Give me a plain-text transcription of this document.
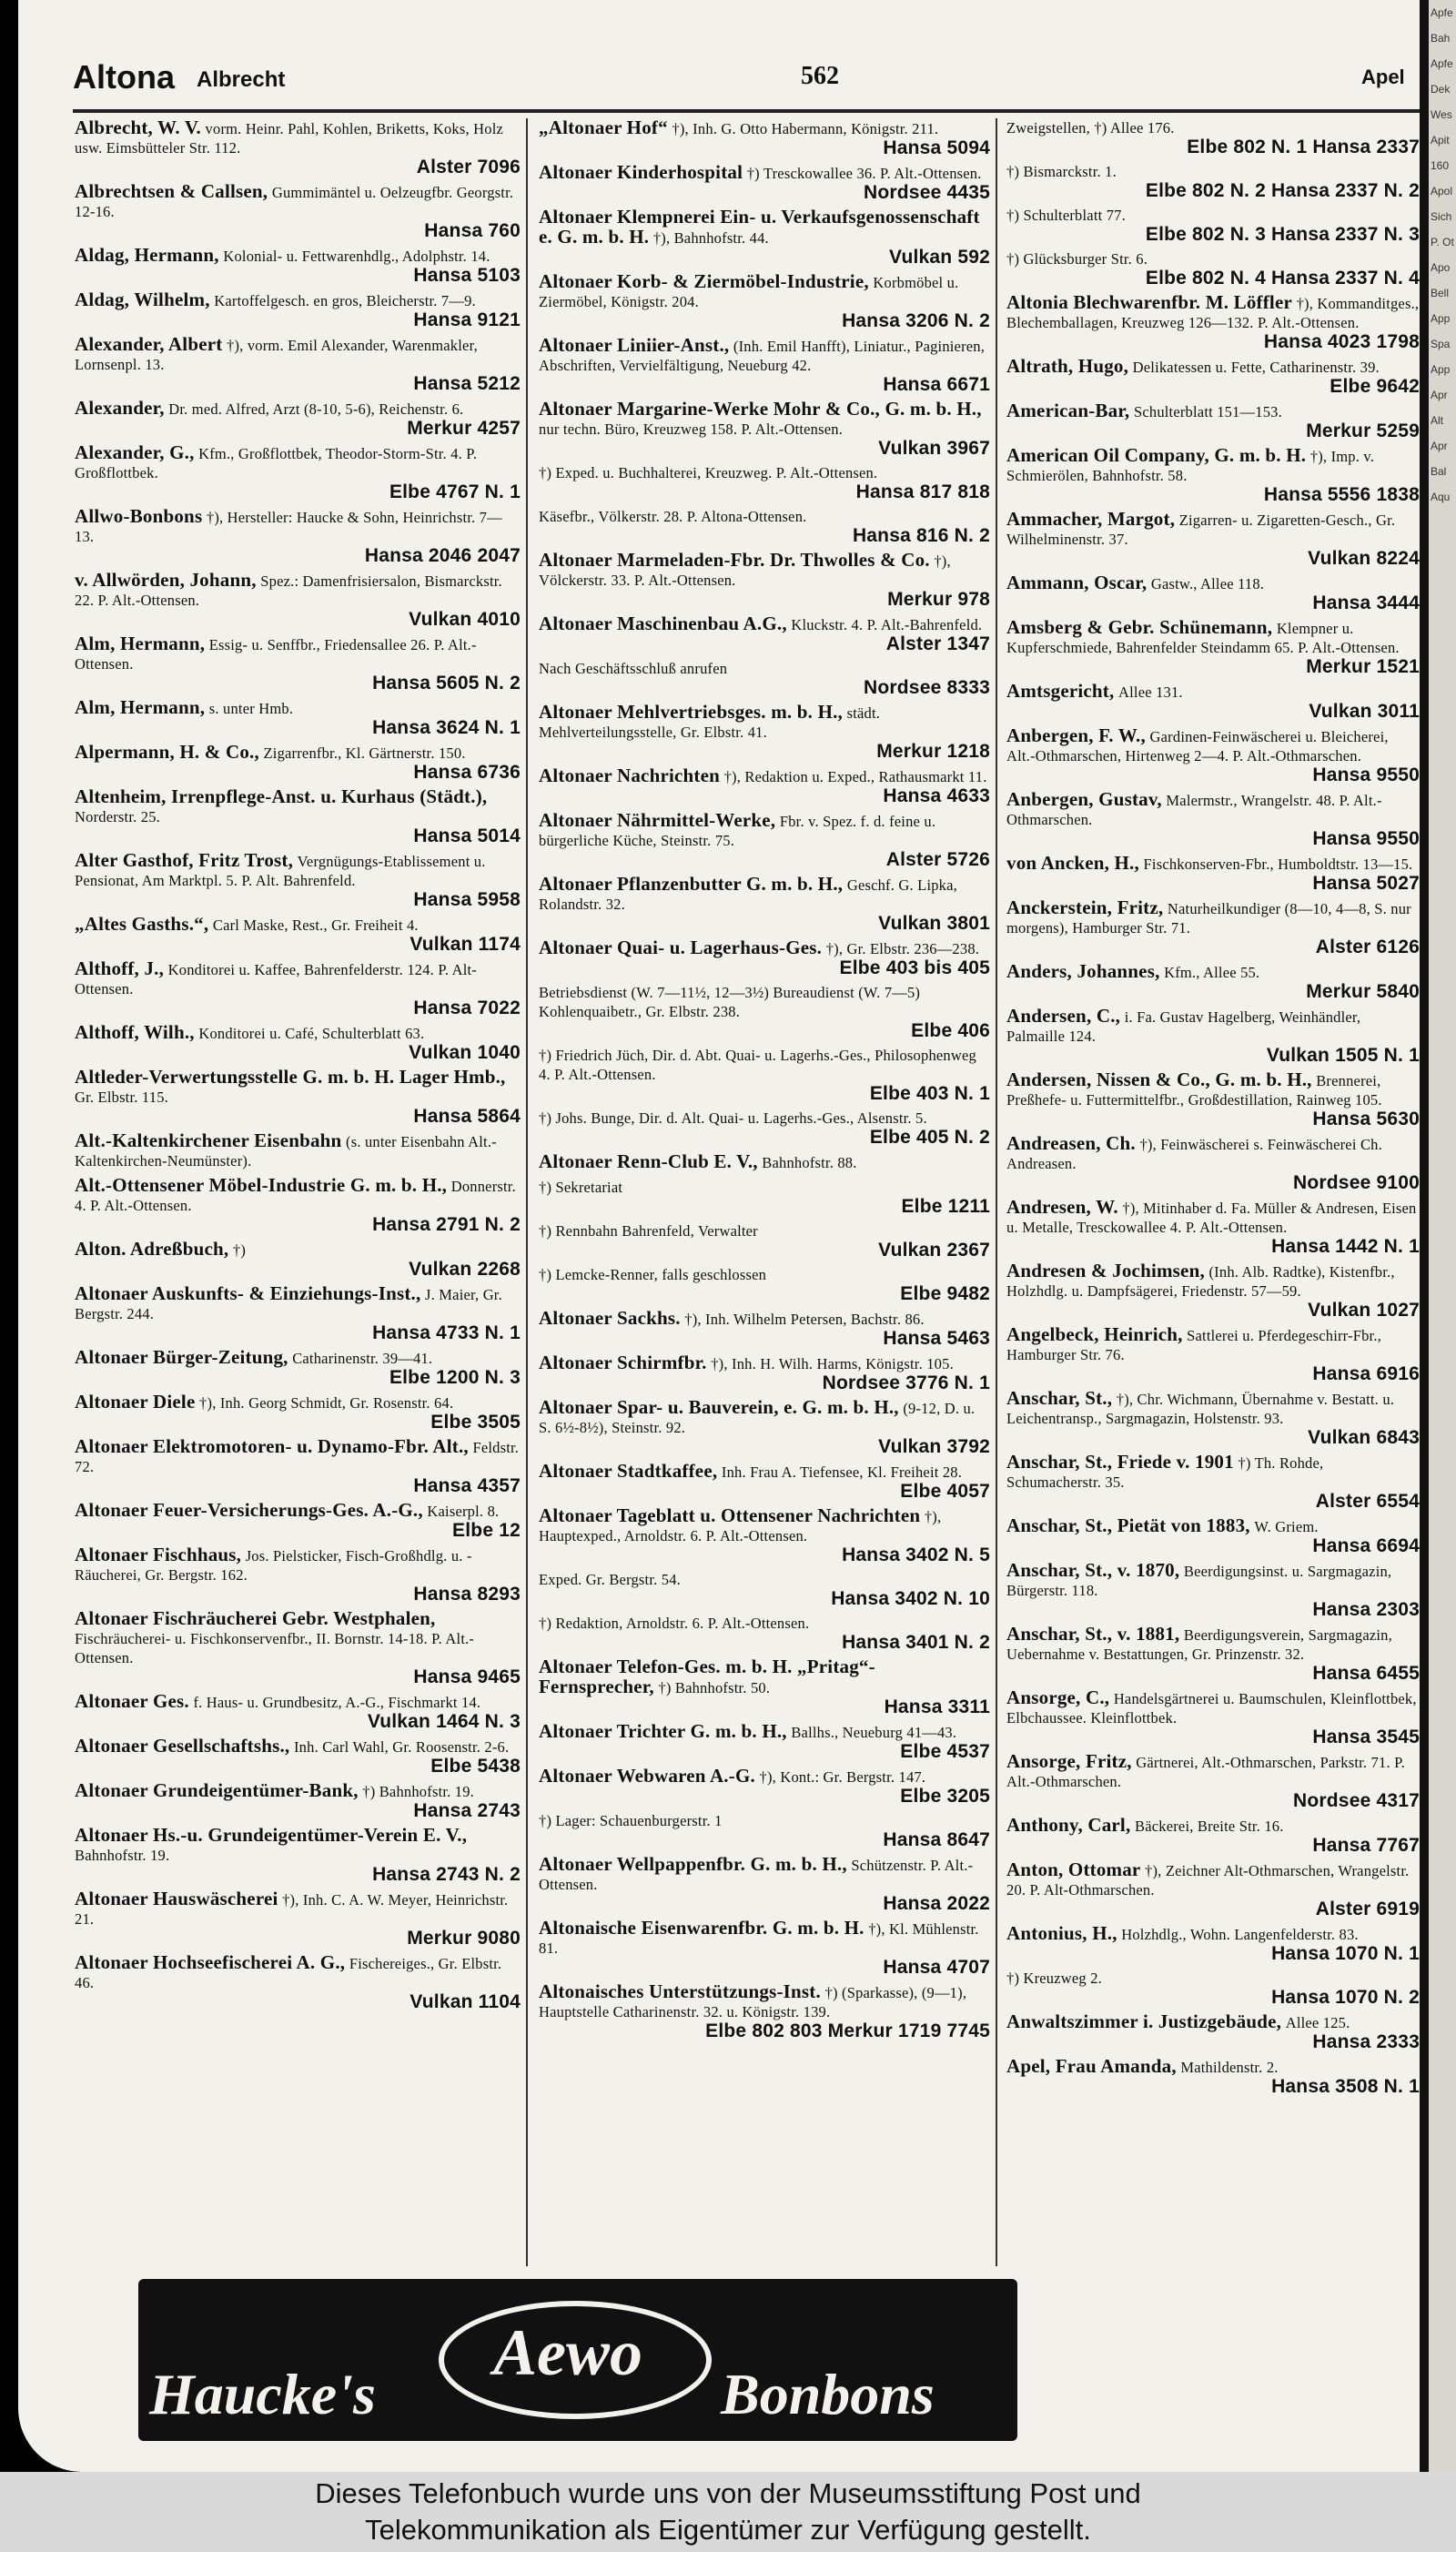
Apfe
Bah
Apfe
Dek
Wes
Apit
160
Apol
Sich
P. Ot
Apo
Bell
App
Spa
App
Apr
Alt
Apr
Bal
Aqu
Altona Albrecht	562	Apel
Albrecht, W. V. vorm. Heinr. Pahl, Kohlen, Briketts, Koks, Holz usw. Eimsbütteler Str. 112.
Alster 7096
Albrechtsen & Callsen, Gummimäntel u. Oelzeugfbr. Georgstr. 12-16.
Hansa 760
Aldag, Hermann, Kolonial- u. Fettwarenhdlg., Adolphstr. 14.
Hansa 5103
Aldag, Wilhelm, Kartoffelgesch. en gros, Bleicherstr. 7—9.
Hansa 9121
Alexander, Albert †), vorm. Emil Alexander, Warenmakler, Lornsenpl. 13.
Hansa 5212
Alexander, Dr. med. Alfred, Arzt (8-10, 5-6), Reichenstr. 6.
Merkur 4257
Alexander, G., Kfm., Großflottbek, Theodor-Storm-Str. 4. P. Großflottbek.
Elbe 4767 N. 1
Allwo-Bonbons †), Hersteller: Haucke & Sohn, Heinrichstr. 7—13.
Hansa 2046 2047
v. Allwörden, Johann, Spez.: Damenfrisiersalon, Bismarckstr. 22. P. Alt.-Ottensen.
Vulkan 4010
Alm, Hermann, Essig- u. Senffbr., Friedensallee 26. P. Alt.-Ottensen.
Hansa 5605 N. 2
Alm, Hermann, s. unter Hmb.
Hansa 3624 N. 1
Alpermann, H. & Co., Zigarrenfbr., Kl. Gärtnerstr. 150.
Hansa 6736
Altenheim, Irrenpflege-Anst. u. Kurhaus (Städt.), Norderstr. 25.
Hansa 5014
Alter Gasthof, Fritz Trost, Vergnügungs-Etablissement u. Pensionat, Am Marktpl. 5. P. Alt. Bahrenfeld.
Hansa 5958
„Altes Gasths.“, Carl Maske, Rest., Gr. Freiheit 4.
Vulkan 1174
Althoff, J., Konditorei u. Kaffee, Bahrenfelderstr. 124. P. Alt-Ottensen.
Hansa 7022
Althoff, Wilh., Konditorei u. Café, Schulterblatt 63.
Vulkan 1040
Altleder-Verwertungsstelle G. m. b. H. Lager Hmb., Gr. Elbstr. 115.
Hansa 5864
Alt.-Kaltenkirchener Eisenbahn (s. unter Eisenbahn Alt.-Kaltenkirchen-Neumünster).
Alt.-Ottensener Möbel-Industrie G. m. b. H., Donnerstr. 4. P. Alt.-Ottensen.
Hansa 2791 N. 2
Alton. Adreßbuch, †)
Vulkan 2268
Altonaer Auskunfts- & Einziehungs-Inst., J. Maier, Gr. Bergstr. 244.
Hansa 4733 N. 1
Altonaer Bürger-Zeitung, Catharinenstr. 39—41.
Elbe 1200 N. 3
Altonaer Diele †), Inh. Georg Schmidt, Gr. Rosenstr. 64.
Elbe 3505
Altonaer Elektromotoren- u. Dynamo-Fbr. Alt., Feldstr. 72.
Hansa 4357
Altonaer Feuer-Versicherungs-Ges. A.-G., Kaiserpl. 8.
Elbe 12
Altonaer Fischhaus, Jos. Pielsticker, Fisch-Großhdlg. u. -Räucherei, Gr. Bergstr. 162.
Hansa 8293
Altonaer Fischräucherei Gebr. Westphalen, Fischräucherei- u. Fischkonservenfbr., II. Bornstr. 14-18. P. Alt.-Ottensen.
Hansa 9465
Altonaer Ges. f. Haus- u. Grundbesitz, A.-G., Fischmarkt 14.
Vulkan 1464 N. 3
Altonaer Gesellschaftshs., Inh. Carl Wahl, Gr. Roosenstr. 2-6.
Elbe 5438
Altonaer Grundeigentümer-Bank, †) Bahnhofstr. 19.
Hansa 2743
Altonaer Hs.-u. Grundeigentümer-Verein E. V., Bahnhofstr. 19.
Hansa 2743 N. 2
Altonaer Hauswäscherei †), Inh. C. A. W. Meyer, Heinrichstr. 21.
Merkur 9080
Altonaer Hochseefischerei A. G., Fischereiges., Gr. Elbstr. 46.
Vulkan 1104
„Altonaer Hof“ †), Inh. G. Otto Habermann, Königstr. 211.
Hansa 5094
Altonaer Kinderhospital †) Tresckowallee 36. P. Alt.-Ottensen.
Nordsee 4435
Altonaer Klempnerei Ein- u. Verkaufsgenossenschaft e. G. m. b. H. †), Bahnhofstr. 44.
Vulkan 592
Altonaer Korb- & Ziermöbel-Industrie, Korbmöbel u. Ziermöbel, Königstr. 204.
Hansa 3206 N. 2
Altonaer Liniier-Anst., (Inh. Emil Hanfft), Liniatur., Paginieren, Abschriften, Vervielfältigung, Neueburg 42.
Hansa 6671
Altonaer Margarine-Werke Mohr & Co., G. m. b. H., nur techn. Büro, Kreuzweg 158. P. Alt.-Ottensen.
Vulkan 3967
†) Exped. u. Buchhalterei, Kreuzweg. P. Alt.-Ottensen.
Hansa 817 818
Käsefbr., Völkerstr. 28. P. Altona-Ottensen.
Hansa 816 N. 2
Altonaer Marmeladen-Fbr. Dr. Thwolles & Co. †), Völckerstr. 33. P. Alt.-Ottensen.
Merkur 978
Altonaer Maschinenbau A.G., Kluckstr. 4. P. Alt.-Bahrenfeld.
Alster 1347
Nach Geschäftsschluß anrufen
Nordsee 8333
Altonaer Mehlvertriebsges. m. b. H., städt. Mehlverteilungsstelle, Gr. Elbstr. 41.
Merkur 1218
Altonaer Nachrichten †), Redaktion u. Exped., Rathausmarkt 11.
Hansa 4633
Altonaer Nährmittel-Werke, Fbr. v. Spez. f. d. feine u. bürgerliche Küche, Steinstr. 75.
Alster 5726
Altonaer Pflanzenbutter G. m. b. H., Geschf. G. Lipka, Rolandstr. 32.
Vulkan 3801
Altonaer Quai- u. Lagerhaus-Ges. †), Gr. Elbstr. 236—238.
Elbe 403 bis 405
Betriebsdienst (W. 7—11½, 12—3½) Bureaudienst (W. 7—5) Kohlenquaibetr., Gr. Elbstr. 238.
Elbe 406
†) Friedrich Jüch, Dir. d. Abt. Quai- u. Lagerhs.-Ges., Philosophenweg 4. P. Alt.-Ottensen.
Elbe 403 N. 1
†) Johs. Bunge, Dir. d. Alt. Quai- u. Lagerhs.-Ges., Alsenstr. 5.
Elbe 405 N. 2
Altonaer Renn-Club E. V., Bahnhofstr. 88.
†) Sekretariat
Elbe 1211
†) Rennbahn Bahrenfeld, Verwalter
Vulkan 2367
†) Lemcke-Renner, falls geschlossen
Elbe 9482
Altonaer Sackhs. †), Inh. Wilhelm Petersen, Bachstr. 86.
Hansa 5463
Altonaer Schirmfbr. †), Inh. H. Wilh. Harms, Königstr. 105.
Nordsee 3776 N. 1
Altonaer Spar- u. Bauverein, e. G. m. b. H., (9-12, D. u. S. 6½-8½), Steinstr. 92.
Vulkan 3792
Altonaer Stadtkaffee, Inh. Frau A. Tiefensee, Kl. Freiheit 28.
Elbe 4057
Altonaer Tageblatt u. Ottensener Nachrichten †), Hauptexped., Arnoldstr. 6. P. Alt.-Ottensen.
Hansa 3402 N. 5
Exped. Gr. Bergstr. 54.
Hansa 3402 N. 10
†) Redaktion, Arnoldstr. 6. P. Alt.-Ottensen.
Hansa 3401 N. 2
Altonaer Telefon-Ges. m. b. H. „Pritag“-Fernsprecher, †) Bahnhofstr. 50.
Hansa 3311
Altonaer Trichter G. m. b. H., Ballhs., Neueburg 41—43.
Elbe 4537
Altonaer Webwaren A.-G. †), Kont.: Gr. Bergstr. 147.
Elbe 3205
†) Lager: Schauenburgerstr. 1
Hansa 8647
Altonaer Wellpappenfbr. G. m. b. H., Schützenstr. P. Alt.-Ottensen.
Hansa 2022
Altonaische Eisenwarenfbr. G. m. b. H. †), Kl. Mühlenstr. 81.
Hansa 4707
Altonaisches Unterstützungs-Inst. †) (Sparkasse), (9—1), Hauptstelle Catharinenstr. 32. u. Königstr. 139.
Elbe 802 803 Merkur 1719 7745
Zweigstellen, †) Allee 176.
Elbe 802 N. 1 Hansa 2337
†) Bismarckstr. 1.
Elbe 802 N. 2 Hansa 2337 N. 2
†) Schulterblatt 77.
Elbe 802 N. 3 Hansa 2337 N. 3
†) Glücksburger Str. 6.
Elbe 802 N. 4 Hansa 2337 N. 4
Altonia Blechwarenfbr. M. Löffler †), Kommanditges., Blechemballagen, Kreuzweg 126—132. P. Alt.-Ottensen.
Hansa 4023 1798
Altrath, Hugo, Delikatessen u. Fette, Catharinenstr. 39.
Elbe 9642
American-Bar, Schulterblatt 151—153.
Merkur 5259
American Oil Company, G. m. b. H. †), Imp. v. Schmierölen, Bahnhofstr. 58.
Hansa 5556 1838
Ammacher, Margot, Zigarren- u. Zigaretten-Gesch., Gr. Wilhelminenstr. 37.
Vulkan 8224
Ammann, Oscar, Gastw., Allee 118.
Hansa 3444
Amsberg & Gebr. Schünemann, Klempner u. Kupferschmiede, Bahrenfelder Steindamm 65. P. Alt.-Ottensen.
Merkur 1521
Amtsgericht, Allee 131.
Vulkan 3011
Anbergen, F. W., Gardinen-Feinwäscherei u. Bleicherei, Alt.-Othmarschen, Hirtenweg 2—4. P. Alt.-Othmarschen.
Hansa 9550
Anbergen, Gustav, Malermstr., Wrangelstr. 48. P. Alt.-Othmarschen.
Hansa 9550
von Ancken, H., Fischkonserven-Fbr., Humboldtstr. 13—15.
Hansa 5027
Anckerstein, Fritz, Naturheilkundiger (8—10, 4—8, S. nur morgens), Hamburger Str. 71.
Alster 6126
Anders, Johannes, Kfm., Allee 55.
Merkur 5840
Andersen, C., i. Fa. Gustav Hagelberg, Weinhändler, Palmaille 124.
Vulkan 1505 N. 1
Andersen, Nissen & Co., G. m. b. H., Brennerei, Preßhefe- u. Futtermittelfbr., Großdestillation, Rainweg 105.
Hansa 5630
Andreasen, Ch. †), Feinwäscherei s. Feinwäscherei Ch. Andreasen.
Nordsee 9100
Andresen, W. †), Mitinhaber d. Fa. Müller & Andresen, Eisen u. Metalle, Tresckowallee 4. P. Alt.-Ottensen.
Hansa 1442 N. 1
Andresen & Jochimsen, (Inh. Alb. Radtke), Kistenfbr., Holzhdlg. u. Dampfsägerei, Friedenstr. 57—59.
Vulkan 1027
Angelbeck, Heinrich, Sattlerei u. Pferdegeschirr-Fbr., Hamburger Str. 76.
Hansa 6916
Anschar, St., †), Chr. Wichmann, Übernahme v. Bestatt. u. Leichentransp., Sargmagazin, Holstenstr. 93.
Vulkan 6843
Anschar, St., Friede v. 1901 †) Th. Rohde, Schumacherstr. 35.
Alster 6554
Anschar, St., Pietät von 1883, W. Griem.
Hansa 6694
Anschar, St., v. 1870, Beerdigungsinst. u. Sargmagazin, Bürgerstr. 118.
Hansa 2303
Anschar, St., v. 1881, Beerdigungsverein, Sargmagazin, Uebernahme v. Bestattungen, Gr. Prinzenstr. 32.
Hansa 6455
Ansorge, C., Handelsgärtnerei u. Baumschulen, Kleinflottbek, Elbchaussee. Kleinflottbek.
Hansa 3545
Ansorge, Fritz, Gärtnerei, Alt.-Othmarschen, Parkstr. 71. P. Alt.-Othmarschen.
Nordsee 4317
Anthony, Carl, Bäckerei, Breite Str. 16.
Hansa 7767
Anton, Ottomar †), Zeichner Alt-Othmarschen, Wrangelstr. 20. P. Alt-Othmarschen.
Alster 6919
Antonius, H., Holzhdlg., Wohn. Langenfelderstr. 83.
Hansa 1070 N. 1
†) Kreuzweg 2.
Hansa 1070 N. 2
Anwaltszimmer i. Justizgebäude, Allee 125.
Hansa 2333
Apel, Frau Amanda, Mathildenstr. 2.
Hansa 3508 N. 1
Haucke's
Aewo
Bonbons
Dieses Telefonbuch wurde uns von der Museumsstiftung Post und
Telekommunikation als Eigentümer zur Verfügung gestellt.
